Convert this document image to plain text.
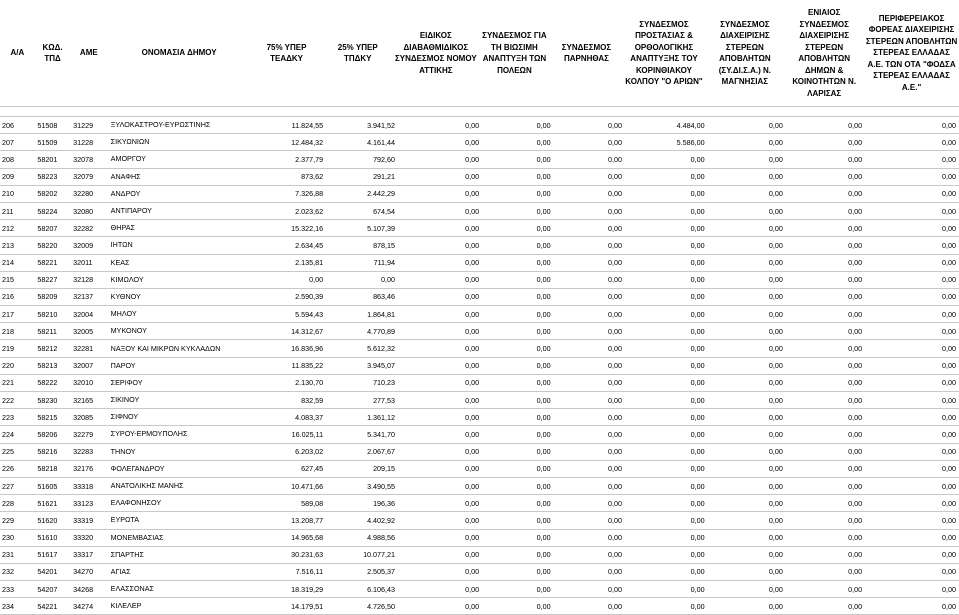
Α/Α	ΚΩΔ. ΤΠΔ	ΑΜΕ	ΟΝΟΜΑΣΙΑ ΔΗΜΟΥ	75% ΥΠΕΡ ΤΕΑΔΚΥ	25% ΥΠΕΡ ΤΠΔΚΥ	ΕΙΔΙΚΟΣ ΔΙΑΒΑΘΜΙΔΙΚΟΣ ΣΥΝΔΕΣΜΟΣ ΝΟΜΟΥ ΑΤΤΙΚΗΣ	ΣΥΝΔΕΣΜΟΣ ΓΙΑ ΤΗ ΒΙΩΣΙΜΗ ΑΝΑΠΤΥΞΗ ΤΩΝ ΠΟΛΕΩΝ	ΣΥΝΔΕΣΜΟΣ ΠΑΡΝΗΘΑΣ	ΣΥΝΔΕΣΜΟΣ ΠΡΟΣΤΑΣΙΑΣ & ΟΡΘΟΛΟΓΙΚΗΣ ΑΝΑΠΤΥΞΗΣ ΤΟΥ ΚΟΡΙΝΘΙΑΚΟΥ ΚΟΛΠΟΥ "Ο ΑΡΙΩΝ"	ΣΥΝΔΕΣΜΟΣ ΔΙΑΧΕΙΡΙΣΗΣ ΣΤΕΡΕΩΝ ΑΠΟΒΛΗΤΩΝ (ΣΥ.ΔΙ.Σ.Α.) Ν. ΜΑΓΝΗΣΙΑΣ	ΕΝΙΑΙΟΣ ΣΥΝΔΕΣΜΟΣ ΔΙΑΧΕΙΡΙΣΗΣ ΣΤΕΡΕΩΝ ΑΠΟΒΛΗΤΩΝ ΔΗΜΩΝ & ΚΟΙΝΟΤΗΤΩΝ Ν. ΛΑΡΙΣΑΣ	ΠΕΡΙΦΕΡΕΙΑΚΟΣ ΦΟΡΕΑΣ ΔΙΑΧΕΙΡΙΣΗΣ ΣΤΕΡΕΩΝ ΑΠΟΒΛΗΤΩΝ ΣΤΕΡΕΑΣ ΕΛΛΑΔΑΣ Α.Ε. ΤΩΝ ΟΤΑ "ΦΟΔΣΑ ΣΤΕΡΕΑΣ ΕΛΛΑΔΑΣ Α.Ε."
206	51508	31229	ΞΥΛΟΚΑΣΤΡΟΥ-ΕΥΡΩΣΤΙΝΗΣ	11.824,55	3.941,52	0,00	0,00	0,00	4.484,00	0,00	0,00	0,00
207	51509	31228	ΣΙΚΥΩΝΙΩΝ	12.484,32	4.161,44	0,00	0,00	0,00	5.586,00	0,00	0,00	0,00
208	58201	32078	ΑΜΟΡΓΟΥ	2.377,79	792,60	0,00	0,00	0,00	0,00	0,00	0,00	0,00
209	58223	32079	ΑΝΑΦΗΣ	873,62	291,21	0,00	0,00	0,00	0,00	0,00	0,00	0,00
210	58202	32280	ΑΝΔΡΟΥ	7.326,88	2.442,29	0,00	0,00	0,00	0,00	0,00	0,00	0,00
211	58224	32080	ΑΝΤΙΠΑΡΟΥ	2.023,62	674,54	0,00	0,00	0,00	0,00	0,00	0,00	0,00
212	58207	32282	ΘΗΡΑΣ	15.322,16	5.107,39	0,00	0,00	0,00	0,00	0,00	0,00	0,00
213	58220	32009	ΙΗΤΩΝ	2.634,45	878,15	0,00	0,00	0,00	0,00	0,00	0,00	0,00
214	58221	32011	ΚΕΑΣ	2.135,81	711,94	0,00	0,00	0,00	0,00	0,00	0,00	0,00
215	58227	32128	ΚΙΜΩΛΟΥ	0,00	0,00	0,00	0,00	0,00	0,00	0,00	0,00	0,00
216	58209	32137	ΚΥΘΝΟΥ	2.590,39	863,46	0,00	0,00	0,00	0,00	0,00	0,00	0,00
217	58210	32004	ΜΗΛΟΥ	5.594,43	1.864,81	0,00	0,00	0,00	0,00	0,00	0,00	0,00
218	58211	32005	ΜΥΚΟΝΟΥ	14.312,67	4.770,89	0,00	0,00	0,00	0,00	0,00	0,00	0,00
219	58212	32281	ΝΑΞΟΥ ΚΑΙ ΜΙΚΡΩΝ ΚΥΚΛΑΔΩΝ	16.836,96	5.612,32	0,00	0,00	0,00	0,00	0,00	0,00	0,00
220	58213	32007	ΠΑΡΟΥ	11.835,22	3.945,07	0,00	0,00	0,00	0,00	0,00	0,00	0,00
221	58222	32010	ΣΕΡΙΦΟΥ	2.130,70	710,23	0,00	0,00	0,00	0,00	0,00	0,00	0,00
222	58230	32165	ΣΙΚΙΝΟΥ	832,59	277,53	0,00	0,00	0,00	0,00	0,00	0,00	0,00
223	58215	32085	ΣΙΦΝΟΥ	4.083,37	1.361,12	0,00	0,00	0,00	0,00	0,00	0,00	0,00
224	58206	32279	ΣΥΡΟΥ-ΕΡΜΟΥΠΟΛΗΣ	16.025,11	5.341,70	0,00	0,00	0,00	0,00	0,00	0,00	0,00
225	58216	32283	ΤΗΝΟΥ	6.203,02	2.067,67	0,00	0,00	0,00	0,00	0,00	0,00	0,00
226	58218	32176	ΦΟΛΕΓΑΝΔΡΟΥ	627,45	209,15	0,00	0,00	0,00	0,00	0,00	0,00	0,00
227	51605	33318	ΑΝΑΤΟΛΙΚΗΣ ΜΑΝΗΣ	10.471,66	3.490,55	0,00	0,00	0,00	0,00	0,00	0,00	0,00
228	51621	33123	ΕΛΑΦΟΝΗΣΟΥ	589,08	196,36	0,00	0,00	0,00	0,00	0,00	0,00	0,00
229	51620	33319	ΕΥΡΩΤΑ	13.208,77	4.402,92	0,00	0,00	0,00	0,00	0,00	0,00	0,00
230	51610	33320	ΜΟΝΕΜΒΑΣΙΑΣ	14.965,68	4.988,56	0,00	0,00	0,00	0,00	0,00	0,00	0,00
231	51617	33317	ΣΠΑΡΤΗΣ	30.231,63	10.077,21	0,00	0,00	0,00	0,00	0,00	0,00	0,00
232	54201	34270	ΑΓΙΑΣ	7.516,11	2.505,37	0,00	0,00	0,00	0,00	0,00	0,00	0,00
233	54207	34268	ΕΛΑΣΣΟΝΑΣ	18.319,29	6.106,43	0,00	0,00	0,00	0,00	0,00	0,00	0,00
234	54221	34274	ΚΙΛΕΛΕΡ	14.179,51	4.726,50	0,00	0,00	0,00	0,00	0,00	0,00	0,00
